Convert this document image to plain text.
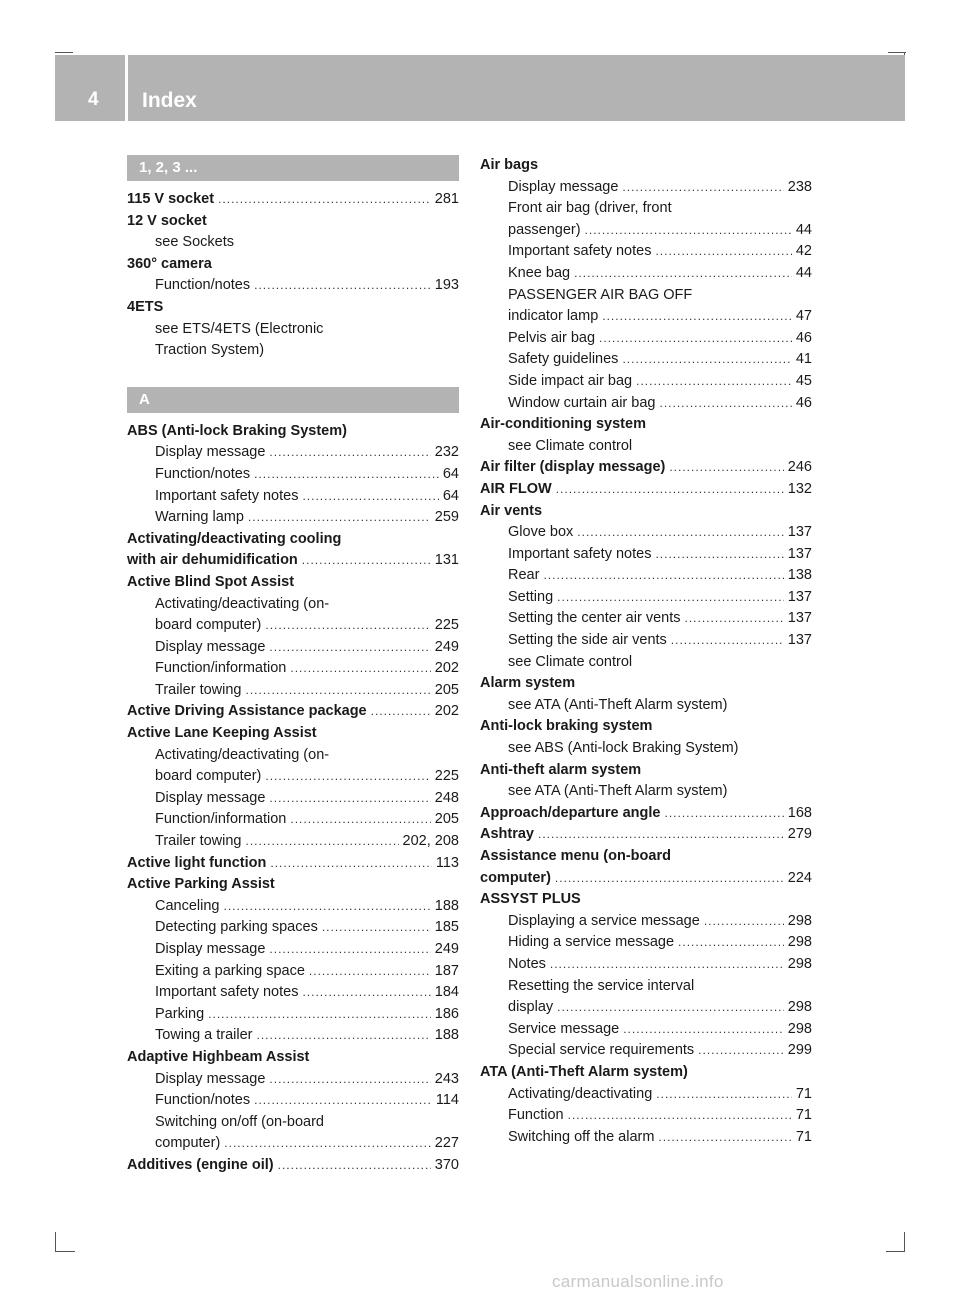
4 Index
1, 2, 3 ...
115 V socket .....	281
12 V socket
see Sockets
360° camera
Function/notes .....	193
4ETS
see ETS/4ETS (Electronic
Traction System)
A
ABS (Anti-lock Braking System)
Display message .....	232
Function/notes .....	64
Important safety notes .....	64
Warning lamp .....	259
Activating/deactivating cooling
with air dehumidification .....	131
Active Blind Spot Assist
Activating/deactivating (on-
board computer) .....	225
Display message .....	249
Function/information .....	202
Trailer towing .....	205
Active Driving Assistance package .....	202
Active Lane Keeping Assist
Activating/deactivating (on-
board computer) .....	225
Display message .....	248
Function/information .....	205
Trailer towing .....	202, 208
Active light function .....	113
Active Parking Assist
Canceling .....	188
Detecting parking spaces .....	185
Display message .....	249
Exiting a parking space .....	187
Important safety notes .....	184
Parking .....	186
Towing a trailer .....	188
Adaptive Highbeam Assist
Display message .....	243
Function/notes .....	114
Switching on/off (on-board
computer) .....	227
Additives (engine oil) .....	370
Air bags
Display message .....	238
Front air bag (driver, front
passenger) .....	44
Important safety notes .....	42
Knee bag .....	44
PASSENGER AIR BAG OFF
indicator lamp .....	47
Pelvis air bag .....	46
Safety guidelines .....	41
Side impact air bag .....	45
Window curtain air bag .....	46
Air-conditioning system
see Climate control
Air filter (display message) .....	246
AIR FLOW .....	132
Air vents
Glove box .....	137
Important safety notes .....	137
Rear .....	138
Setting .....	137
Setting the center air vents .....	137
Setting the side air vents .....	137
see Climate control
Alarm system
see ATA (Anti-Theft Alarm system)
Anti-lock braking system
see ABS (Anti-lock Braking System)
Anti-theft alarm system
see ATA (Anti-Theft Alarm system)
Approach/departure angle .....	168
Ashtray .....	279
Assistance menu (on-board
computer) .....	224
ASSYST PLUS
Displaying a service message .....	298
Hiding a service message .....	298
Notes .....	298
Resetting the service interval
display .....	298
Service message .....	298
Special service requirements .....	299
ATA (Anti-Theft Alarm system)
Activating/deactivating .....	71
Function .....	71
Switching off the alarm .....	71
carmanualsonline.info
